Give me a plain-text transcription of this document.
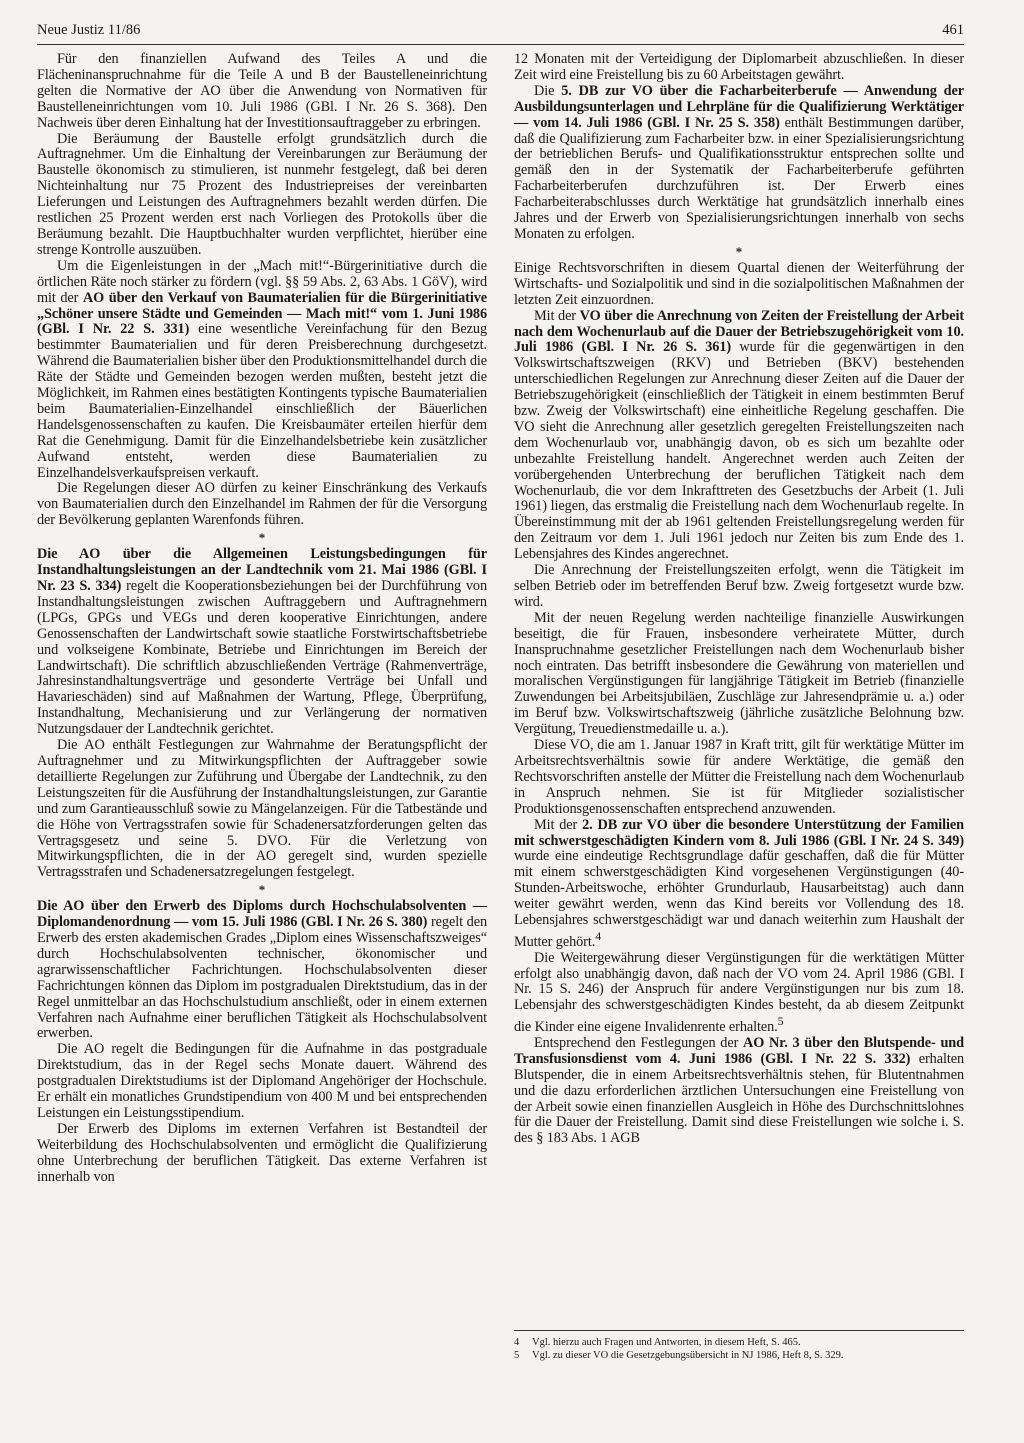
Neue Justiz 11/86	461

Für den finanziellen Aufwand des Teiles A und die Flächeninanspruchnahme für die Teile A und B der Baustelleneinrichtung gelten die Normative der AO über die Anwendung von Normativen für Baustelleneinrichtungen vom 10. Juli 1986 (GBl. I Nr. 26 S. 368). Den Nachweis über deren Einhaltung hat der Investitionsauftraggeber zu erbringen.

Die Beräumung der Baustelle erfolgt grundsätzlich durch die Auftragnehmer. Um die Einhaltung der Vereinbarungen zur Beräumung der Baustelle ökonomisch zu stimulieren, ist nunmehr festgelegt, daß bei deren Nichteinhaltung nur 75 Prozent des Industriepreises der vereinbarten Lieferungen und Leistungen des Auftragnehmers bezahlt werden dürfen. Die restlichen 25 Prozent werden erst nach Vorliegen des Protokolls über die Beräumung bezahlt. Die Hauptbuchhalter wurden verpflichtet, hierüber eine strenge Kontrolle auszuüben.

Um die Eigenleistungen in der „Mach mit!“-Bürgerinitiative durch die örtlichen Räte noch stärker zu fördern (vgl. §§ 59 Abs. 2, 63 Abs. 1 GöV), wird mit der AO über den Verkauf von Baumaterialien für die Bürgerinitiative „Schöner unsere Städte und Gemeinden — Mach mit!“ vom 1. Juni 1986 (GBl. I Nr. 22 S. 331) eine wesentliche Vereinfachung für den Bezug bestimmter Baumaterialien und für deren Preisberechnung durchgesetzt. Während die Baumaterialien bisher über den Produktionsmittelhandel durch die Räte der Städte und Gemeinden bezogen werden mußten, besteht jetzt die Möglichkeit, im Rahmen eines bestätigten Kontingents typische Baumaterialien beim Baumaterialien-Einzelhandel einschließlich der Bäuerlichen Handelsgenossenschaften zu kaufen. Die Kreisbaumäter erteilen hierfür dem Rat die Genehmigung. Damit für die Einzelhandelsbetriebe kein zusätzlicher Aufwand entsteht, werden diese Baumaterialien zu Einzelhandelsverkaufspreisen verkauft.

Die Regelungen dieser AO dürfen zu keiner Einschränkung des Verkaufs von Baumaterialien durch den Einzelhandel im Rahmen der für die Versorgung der Bevölkerung geplanten Warenfonds führen.

*

Die AO über die Allgemeinen Leistungsbedingungen für Instandhaltungsleistungen an der Landtechnik vom 21. Mai 1986 (GBl. I Nr. 23 S. 334) regelt die Kooperationsbeziehungen bei der Durchführung von Instandhaltungsleistungen zwischen Auftraggebern und Auftragnehmern (LPGs, GPGs und VEGs und deren kooperative Einrichtungen, andere Genossenschaften der Landwirtschaft sowie staatliche Forstwirtschaftsbetriebe und volkseigene Kombinate, Betriebe und Einrichtungen im Bereich der Landwirtschaft). Die schriftlich abzuschließenden Verträge (Rahmenverträge, Jahresinstandhaltungsverträge und gesonderte Verträge bei Unfall und Havarieschäden) sind auf Maßnahmen der Wartung, Pflege, Überprüfung, Instandhaltung, Mechanisierung und zur Verlängerung der normativen Nutzungsdauer der Landtechnik gerichtet.

Die AO enthält Festlegungen zur Wahrnahme der Beratungspflicht der Auftragnehmer und zu Mitwirkungspflichten der Auftraggeber sowie detaillierte Regelungen zur Zuführung und Übergabe der Landtechnik, zu den Leistungszeiten für die Ausführung der Instandhaltungsleistungen, zur Garantie und zum Garantieausschluß sowie zu Mängelanzeigen. Für die Tatbestände und die Höhe von Vertragsstrafen sowie für Schadenersatzforderungen gelten das Vertragsgesetz und seine 5. DVO. Für die Verletzung von Mitwirkungspflichten, die in der AO geregelt sind, wurden spezielle Vertragsstrafen und Schadenersatzregelungen festgelegt.

*

Die AO über den Erwerb des Diploms durch Hochschulabsolventen — Diplomandenordnung — vom 15. Juli 1986 (GBl. I Nr. 26 S. 380) regelt den Erwerb des ersten akademischen Grades „Diplom eines Wissenschaftszweiges“ durch Hochschulabsolventen technischer, ökonomischer und agrarwissenschaftlicher Fachrichtungen. Hochschulabsolventen dieser Fachrichtungen können das Diplom im postgradualen Direktstudium, das in der Regel unmittelbar an das Hochschulstudium anschließt, oder in einem externen Verfahren nach Aufnahme einer beruflichen Tätigkeit als Hochschulabsolvent erwerben.

Die AO regelt die Bedingungen für die Aufnahme in das postgraduale Direktstudium, das in der Regel sechs Monate dauert. Während des postgradualen Direktstudiums ist der Diplomand Angehöriger der Hochschule. Er erhält ein monatliches Grundstipendium von 400 M und bei entsprechenden Leistungen ein Leistungsstipendium.

Der Erwerb des Diploms im externen Verfahren ist Bestandteil der Weiterbildung des Hochschulabsolventen und ermöglicht die Qualifizierung ohne Unterbrechung der beruflichen Tätigkeit. Das externe Verfahren ist innerhalb von

12 Monaten mit der Verteidigung der Diplomarbeit abzuschließen. In dieser Zeit wird eine Freistellung bis zu 60 Arbeitstagen gewährt.

Die 5. DB zur VO über die Facharbeiterberufe — Anwendung der Ausbildungsunterlagen und Lehrpläne für die Qualifizierung Werktätiger — vom 14. Juli 1986 (GBl. I Nr. 25 S. 358) enthält Bestimmungen darüber, daß die Qualifizierung zum Facharbeiter bzw. in einer Spezialisierungsrichtung der betrieblichen Berufs- und Qualifikationsstruktur entsprechen sollte und gemäß den in der Systematik der Facharbeiterberufe geführten Facharbeiterberufen durchzuführen ist. Der Erwerb eines Facharbeiterabschlusses durch Werktätige hat grundsätzlich innerhalb eines Jahres und der Erwerb von Spezialisierungsrichtungen innerhalb von sechs Monaten zu erfolgen.

*

Einige Rechtsvorschriften in diesem Quartal dienen der Weiterführung der Wirtschafts- und Sozialpolitik und sind in die sozialpolitischen Maßnahmen der letzten Zeit einzuordnen.

Mit der VO über die Anrechnung von Zeiten der Freistellung der Arbeit nach dem Wochenurlaub auf die Dauer der Betriebszugehörigkeit vom 10. Juli 1986 (GBl. I Nr. 26 S. 361) wurde für die gegenwärtigen in den Volkswirtschaftszweigen (RKV) und Betrieben (BKV) bestehenden unterschiedlichen Regelungen zur Anrechnung dieser Zeiten auf die Dauer der Betriebszugehörigkeit (einschließlich der Tätigkeit in einem bestimmten Beruf bzw. Zweig der Volkswirtschaft) eine einheitliche Regelung geschaffen. Die VO sieht die Anrechnung aller gesetzlich geregelten Freistellungszeiten nach dem Wochenurlaub vor, unabhängig davon, ob es sich um bezahlte oder unbezahlte Freistellung handelt. Angerechnet werden auch Zeiten der vorübergehenden Unterbrechung der beruflichen Tätigkeit nach dem Wochenurlaub, die vor dem Inkrafttreten des Gesetzbuchs der Arbeit (1. Juli 1961) liegen, das erstmalig die Freistellung nach dem Wochenurlaub regelte. In Übereinstimmung mit der ab 1961 geltenden Freistellungsregelung werden für den Zeitraum vor dem 1. Juli 1961 jedoch nur Zeiten bis zum Ende des 1. Lebensjahres des Kindes angerechnet.

Die Anrechnung der Freistellungszeiten erfolgt, wenn die Tätigkeit im selben Betrieb oder im betreffenden Beruf bzw. Zweig fortgesetzt wurde bzw. wird.

Mit der neuen Regelung werden nachteilige finanzielle Auswirkungen beseitigt, die für Frauen, insbesondere verheiratete Mütter, durch Inanspruchnahme gesetzlicher Freistellungen nach dem Wochenurlaub bisher noch eintraten. Das betrifft insbesondere die Gewährung von materiellen und moralischen Vergünstigungen für langjährige Tätigkeit im Betrieb (finanzielle Zuwendungen bei Arbeitsjubiläen, Zuschläge zur Jahresendprämie u. a.) oder im Beruf bzw. Volkswirtschaftszweig (jährliche zusätzliche Belohnung bzw. Vergütung, Treuedienstmedaille u. a.).

Diese VO, die am 1. Januar 1987 in Kraft tritt, gilt für werktätige Mütter im Arbeitsrechtsverhältnis sowie für andere Werktätige, die gemäß den Rechtsvorschriften anstelle der Mütter die Freistellung nach dem Wochenurlaub in Anspruch nehmen. Sie ist für Mitglieder sozialistischer Produktionsgenossenschaften entsprechend anzuwenden.

Mit der 2. DB zur VO über die besondere Unterstützung der Familien mit schwerstgeschädigten Kindern vom 8. Juli 1986 (GBl. I Nr. 24 S. 349) wurde eine eindeutige Rechtsgrundlage dafür geschaffen, daß die für Mütter mit einem schwerstgeschädigten Kind vorgesehenen Vergünstigungen (40-Stunden-Arbeitswoche, erhöhter Grundurlaub, Hausarbeitstag) auch dann weiter gewährt werden, wenn das Kind bereits vor Vollendung des 18. Lebensjahres schwerstgeschädigt war und danach weiterhin zum Haushalt der Mutter gehört.$^4$

Die Weitergewährung dieser Vergünstigungen für die werktätigen Mütter erfolgt also unabhängig davon, daß nach der VO vom 24. April 1986 (GBl. I Nr. 15 S. 246) der Anspruch für andere Vergünstigungen nur bis zum 18. Lebensjahr des schwerstgeschädigten Kindes besteht, da ab diesem Zeitpunkt die Kinder eine eigene Invalidenrente erhalten.$^5$

Entsprechend den Festlegungen der AO Nr. 3 über den Blutspende- und Transfusionsdienst vom 4. Juni 1986 (GBl. I Nr. 22 S. 332) erhalten Blutspender, die in einem Arbeitsrechtsverhältnis stehen, für Blutentnahmen und die dazu erforderlichen ärztlichen Untersuchungen eine Freistellung von der Arbeit sowie einen finanziellen Ausgleich in Höhe des Durchschnittslohnes für die Dauer der Freistellung. Damit sind diese Freistellungen wie solche i. S. des § 183 Abs. 1 AGB

4	Vgl. hierzu auch Fragen und Antworten, in diesem Heft, S. 465.
5	Vgl. zu dieser VO die Gesetzgebungsübersicht in NJ 1986, Heft 8, S. 329.
